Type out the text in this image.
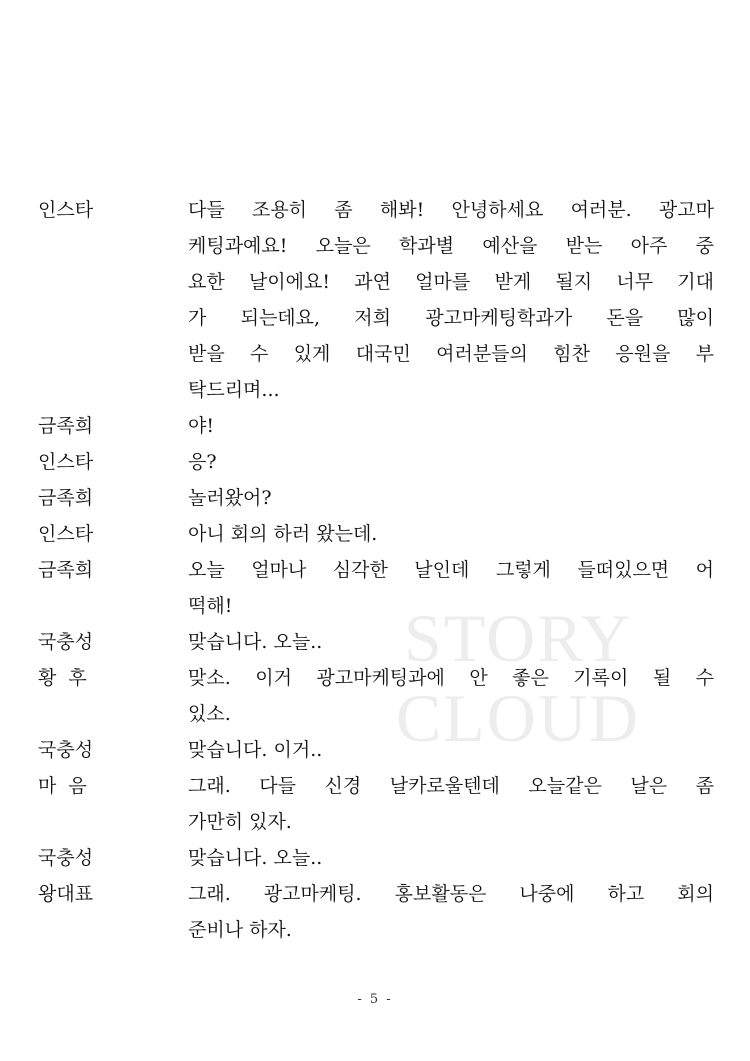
STORY
CLOUD
인스타	다들 조용히 좀 해봐! 안녕하세요 여러분. 광고마
케팅과예요! 오늘은 학과별 예산을 받는 아주 중
요한 날이에요! 과연 얼마를 받게 될지 너무 기대
가 되는데요, 저희 광고마케팅학과가 돈을 많이
받을 수 있게 대국민 여러분들의 힘찬 응원을 부
탁드리며...
금족희	야!
인스타	응?
금족희	놀러왔어?
인스타	아니 회의 하러 왔는데.
금족희	오늘 얼마나 심각한 날인데 그렇게 들떠있으면 어
떡해!
국충성	맞습니다. 오늘..
황  후	맞소. 이거 광고마케팅과에 안 좋은 기록이 될 수
있소.
국충성	맞습니다. 이거..
마  음	그래. 다들 신경 날카로울텐데 오늘같은 날은 좀
가만히 있자.
국충성	맞습니다. 오늘..
왕대표	그래. 광고마케팅. 홍보활동은 나중에 하고 회의
준비나 하자.
- 5 -
